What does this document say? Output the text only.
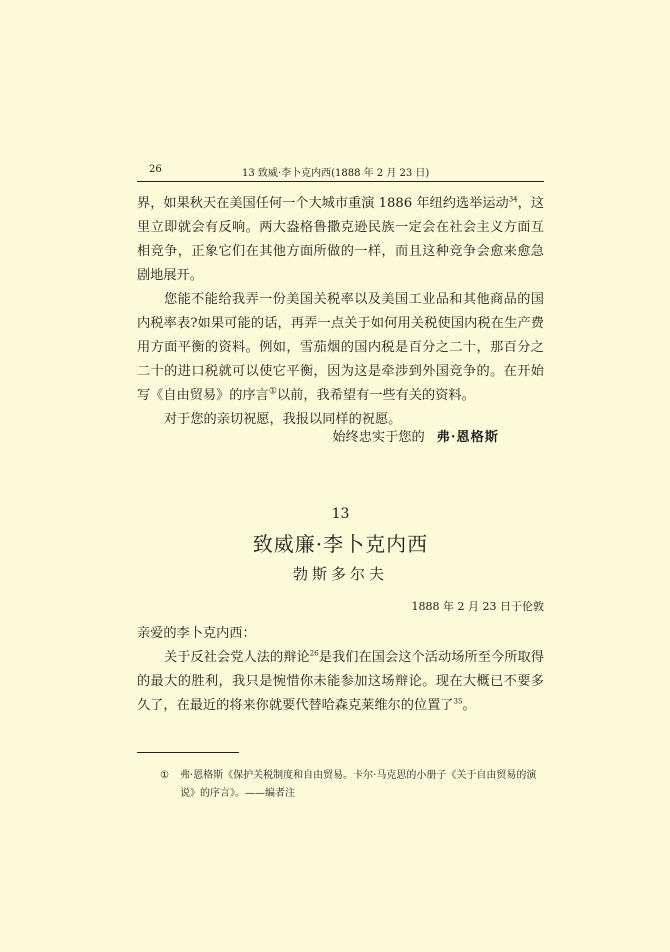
26	13 致威·李卜克内西(1888 年 2 月 23 日)

界，如果秋天在美国任何一个大城市重演 1886 年纽约选举运动$^{34}$，这里立即就会有反响。两大盎格鲁撒克逊民族一定会在社会主义方面互相竞争，正象它们在其他方面所做的一样，而且这种竞争会愈来愈急剧地展开。

您能不能给我弄一份美国关税率以及美国工业品和其他商品的国内税率表?如果可能的话，再弄一点关于如何用关税使国内税在生产费用方面平衡的资料。例如，雪茄烟的国内税是百分之二十，那百分之二十的进口税就可以使它平衡，因为这是牵涉到外国竞争的。在开始写《自由贸易》的序言①以前，我希望有一些有关的资料。

对于您的亲切祝愿，我报以同样的祝愿。

始终忠实于您的 弗·恩格斯
13
致威廉·李卜克内西
勃斯多尔夫
1888 年 2 月 23 日于伦敦

亲爱的李卜克内西：

关于反社会党人法的辩论$^{26}$是我们在国会这个活动场所至今所取得的最大的胜利，我只是惋惜你未能参加这场辩论。现在大概已不要多久了，在最近的将来你就要代替哈森克莱维尔的位置了$^{35}$。

① 弗·恩格斯《保护关税制度和自由贸易。卡尔·马克思的小册子《关于自由贸易的演说》的序言》。——编者注
